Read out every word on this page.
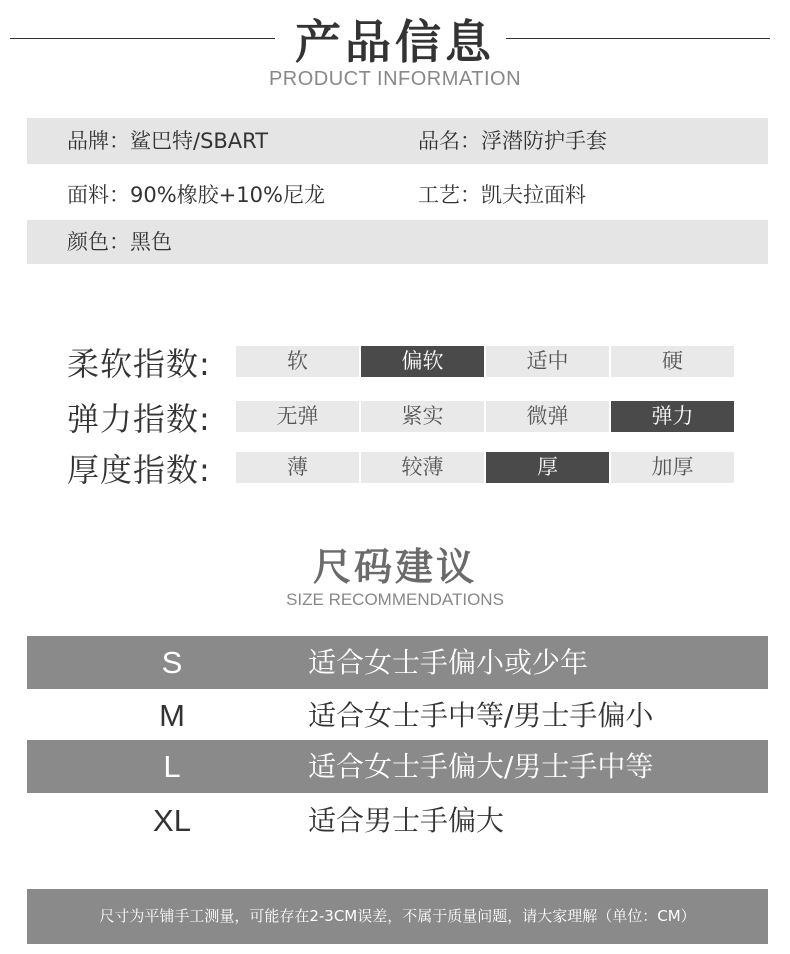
产品信息
PRODUCT INFORMATION
品牌：鲨巴特/SBART	品名：浮潜防护手套
面料：90%橡胶+10%尼龙	工艺：凯夫拉面料
颜色：黑色
柔软指数:	软	偏软	适中	硬
弹力指数:	无弹	紧实	微弹	弹力
厚度指数:	薄	较薄	厚	加厚
尺码建议
SIZE RECOMMENDATIONS
S	适合女士手偏小或少年
M	适合女士手中等/男士手偏小
L	适合女士手偏大/男士手中等
XL	适合男士手偏大
尺寸为平铺手工测量，可能存在2-3CM误差，不属于质量问题，请大家理解（单位：CM）
